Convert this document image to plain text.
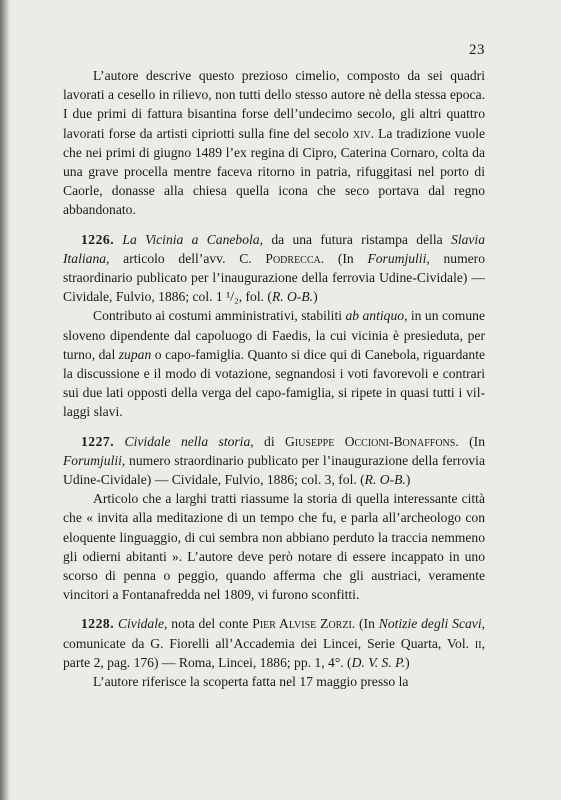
23

L’autore descrive questo prezioso cimelio, composto da sei quadri lavorati a cesello in rilievo, non tutti dello stesso autore nè della stessa epoca. I due primi di fattura bisantina forse dell’undecimo secolo, gli altri quattro lavorati forse da artisti cipriotti sulla fine del secolo xiv. La tradizione vuole che nei primi di giugno 1489 l’ex regina di Cipro, Caterina Cornaro, colta da una grave procella mentre faceva ritorno in patria, rifuggitasi nel porto di Caorle, donasse alla chiesa quella icona che seco portava dal regno abbandonato.

1226. La Vicinia a Canebola, da una futura ristampa della Slavia Italiana, articolo dell’avv. C. Podrecca. (In Forumjulii, numero straordinario publicato per l’inaugurazione della ferrovia Udine-Cividale) — Cividale, Fulvio, 1886; col. 1 ¹/₂, fol. (R. O-B.)

Contributo ai costumi amministrativi, stabiliti ab antiquo, in un comune sloveno dipendente dal capoluogo di Faedis, la cui vicinia è presieduta, per turno, dal zupan o capo-famiglia. Quanto si dice qui di Canebola, riguardante la discussione e il modo di votazione, segnandosi i voti favorevoli e contrari sui due lati opposti della verga del capo-famiglia, si ripete in quasi tutti i villaggi slavi.

1227. Cividale nella storia, di Giuseppe Occioni-Bonaffons. (In Forumjulii, numero straordinario publicato per l’inaugurazione della ferrovia Udine-Cividale) — Cividale, Fulvio, 1886; col. 3, fol. (R. O-B.)

Articolo che a larghi tratti riassume la storia di quella interessante città che « invita alla meditazione di un tempo che fu, e parla all’archeologo con eloquente linguaggio, di cui sembra non abbiano perduto la traccia nemmeno gli odierni abitanti ». L’autore deve però notare di essere incappato in uno scorso di penna o peggio, quando afferma che gli austriaci, veramente vincitori a Fontanafredda nel 1809, vi furono sconfitti.

1228. Cividale, nota del conte Pier Alvise Zorzi. (In Notizie degli Scavi, comunicate da G. Fiorelli all’Accademia dei Lincei, Serie Quarta, Vol. ii, parte 2, pag. 176) — Roma, Lincei, 1886; pp. 1, 4°. (D. V. S. P.)

L’autore riferisce la scoperta fatta nel 17 maggio presso la
